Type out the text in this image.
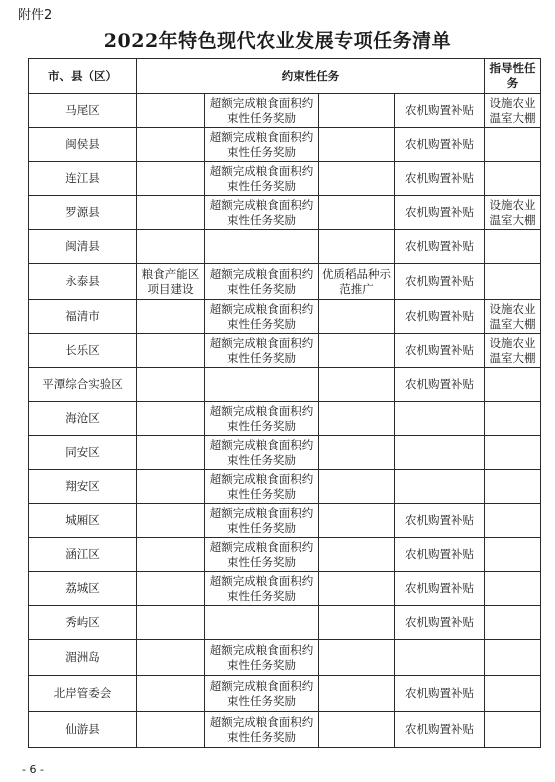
附件2
2022年特色现代农业发展专项任务清单
市、县（区）	约束性任务				指导性任务
马尾区		超额完成粮食面积约束性任务奖励		农机购置补贴	设施农业温室大棚
闽侯县		超额完成粮食面积约束性任务奖励		农机购置补贴	
连江县		超额完成粮食面积约束性任务奖励		农机购置补贴	
罗源县		超额完成粮食面积约束性任务奖励		农机购置补贴	设施农业温室大棚
闽清县				农机购置补贴	
永泰县	粮食产能区项目建设	超额完成粮食面积约束性任务奖励	优质稻品种示范推广	农机购置补贴	
福清市		超额完成粮食面积约束性任务奖励		农机购置补贴	设施农业温室大棚
长乐区		超额完成粮食面积约束性任务奖励		农机购置补贴	设施农业温室大棚
平潭综合实验区				农机购置补贴	
海沧区		超额完成粮食面积约束性任务奖励			
同安区		超额完成粮食面积约束性任务奖励			
翔安区		超额完成粮食面积约束性任务奖励			
城厢区		超额完成粮食面积约束性任务奖励		农机购置补贴	
涵江区		超额完成粮食面积约束性任务奖励		农机购置补贴	
荔城区		超额完成粮食面积约束性任务奖励		农机购置补贴	
秀屿区				农机购置补贴	
湄洲岛		超额完成粮食面积约束性任务奖励			
北岸管委会		超额完成粮食面积约束性任务奖励		农机购置补贴	
仙游县		超额完成粮食面积约束性任务奖励		农机购置补贴	
- 6 -
